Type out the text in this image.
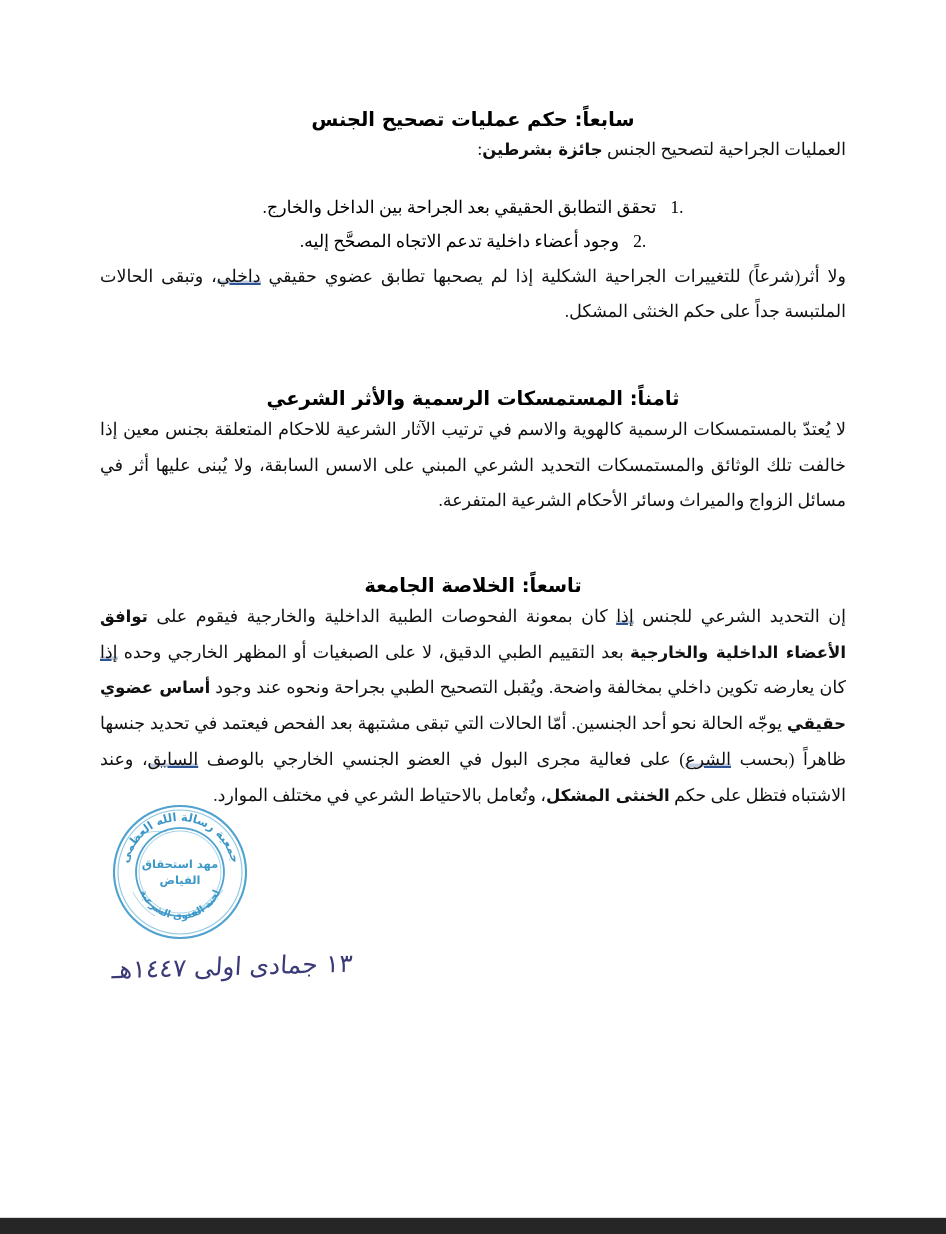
سابعاً: حكم عمليات تصحيح الجنس

العمليات الجراحية لتصحيح الجنس جائزة بشرطين:

1.تحقق التطابق الحقيقي بعد الجراحة بين الداخل والخارج.
2.وجود أعضاء داخلية تدعم الاتجاه المصحَّح إليه.

ولا أثر(شرعاً) للتغييرات الجراحية الشكلية إذا لم يصحبها تطابق عضوي حقيقي داخلي، وتبقى الحالات الملتبسة جداً على حكم الخنثى المشكل.

ثامناً: المستمسكات الرسمية والأثر الشرعي

لا يُعتدّ بالمستمسكات الرسمية كالهوية والاسم في ترتيب الآثار الشرعية للاحكام المتعلقة بجنس معين إذا خالفت تلك الوثائق والمستمسكات التحديد الشرعي المبني على الاسس السابقة، ولا يُبنى عليها أثر في مسائل الزواج والميراث وسائر الأحكام الشرعية المتفرعة.

تاسعاً: الخلاصة الجامعة

إن التحديد الشرعي للجنس إذا كان بمعونة الفحوصات الطبية الداخلية والخارجية فيقوم على توافق الأعضاء الداخلية والخارجية بعد التقييم الطبي الدقيق، لا على الصبغيات أو المظهر الخارجي وحده إذا كان يعارضه تكوين داخلي بمخالفة واضحة. ويُقبل التصحيح الطبي بجراحة ونحوه عند وجود أساس عضوي حقيقي يوجّه الحالة نحو أحد الجنسين. أمّا الحالات التي تبقى مشتبهة بعد الفحص فيعتمد في تحديد جنسها ظاهراً (بحسب الشرع) على فعالية مجرى البول في العضو الجنسي الخارجي بالوصف السابق، وعند الاشتباه فتظل على حكم الخنثى المشكل، وتُعامل بالاحتياط الشرعي في مختلف الموارد.

جمعية رسالة الله العظمى
لجنة الفتوى الشرعية
مهد استحقاق
الفياض
١٣ جمادى اولى ١٤٤٧هـ
